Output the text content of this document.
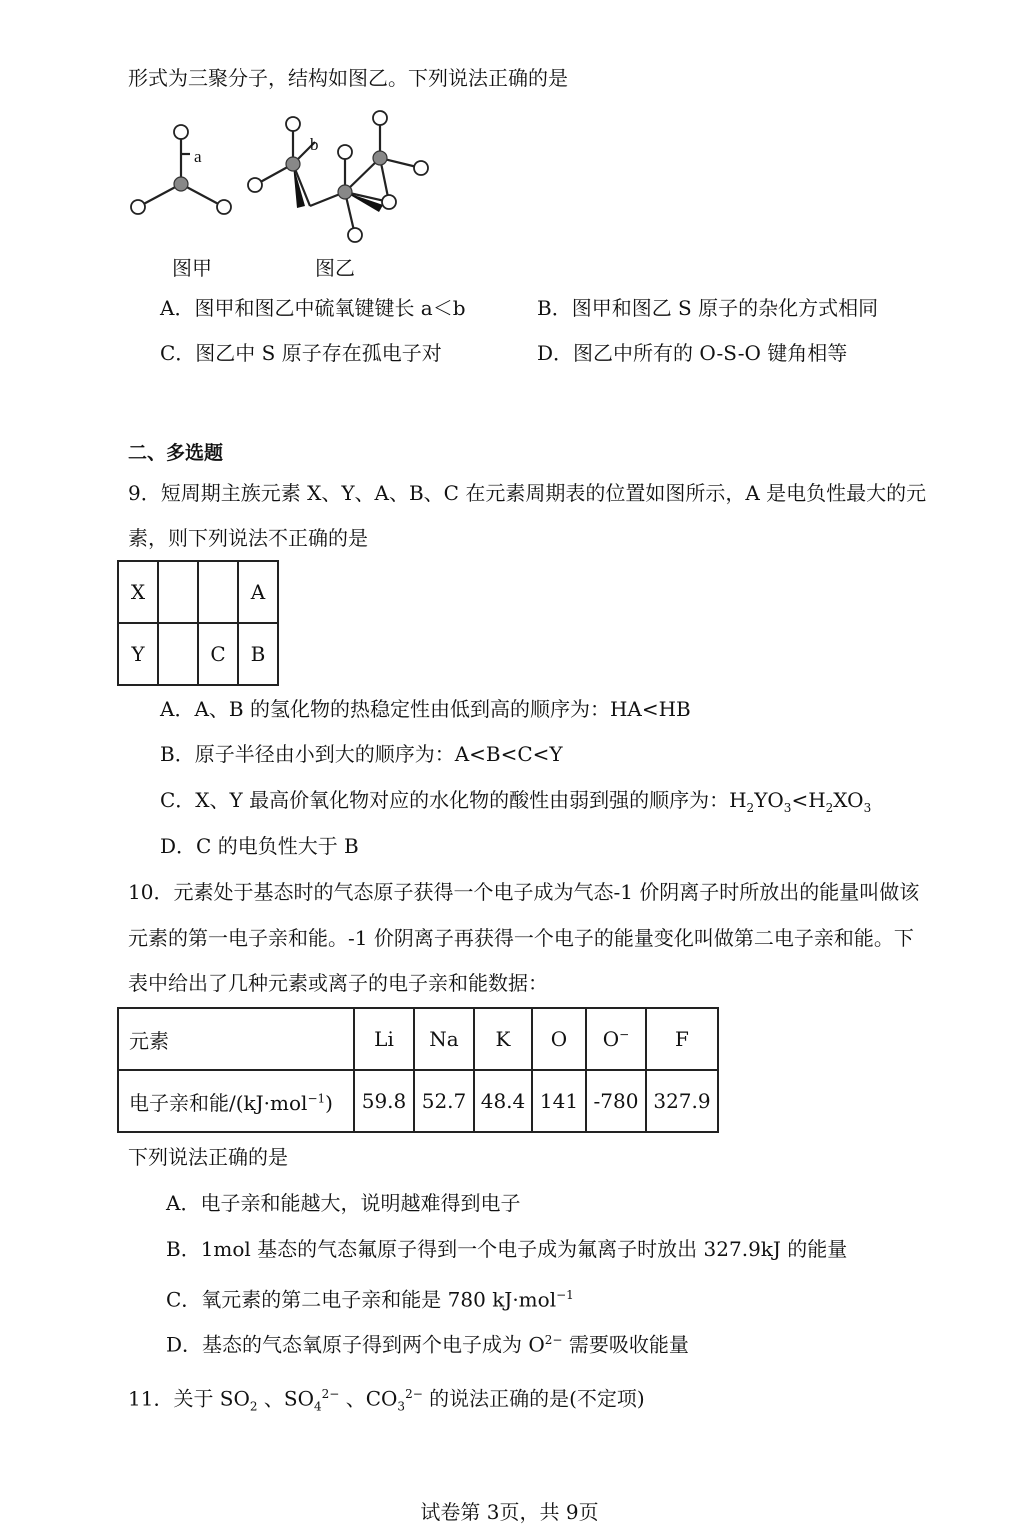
形式为三聚分子，结构如图乙。下列说法正确的是
a
b
图甲	图乙
A．图甲和图乙中硫氧键键长 a＜b	B．图甲和图乙 S 原子的杂化方式相同
C．图乙中 S 原子存在孤电子对	D．图乙中所有的 O-S-O 键角相等
二、多选题
9．短周期主族元素 X、Y、A、B、C 在元素周期表的位置如图所示，A 是电负性最大的元
素，则下列说法不正确的是
X			A
Y		C	B
A．A、B 的氢化物的热稳定性由低到高的顺序为：HA<HB
B．原子半径由小到大的顺序为：A<B<C<Y
C．X、Y 最高价氧化物对应的水化物的酸性由弱到强的顺序为：$H_2YO_3<H_2XO_3$
D．C 的电负性大于 B
10．元素处于基态时的气态原子获得一个电子成为气态-1 价阴离子时所放出的能量叫做该
元素的第一电子亲和能。-1 价阴离子再获得一个电子的能量变化叫做第二电子亲和能。下
表中给出了几种元素或离子的电子亲和能数据：
元素	Li	Na	K	O	O−	F
电子亲和能/(kJ·mol$^{-1}$)	59.8	52.7	48.4	141	-780	327.9
下列说法正确的是
A．电子亲和能越大，说明越难得到电子
B．1mol 基态的气态氟原子得到一个电子成为氟离子时放出 327.9kJ 的能量
C．氧元素的第二电子亲和能是 780 kJ·mol$^{-1}$
D．基态的气态氧原子得到两个电子成为 $O^{2-}$ 需要吸收能量
11．关于 $SO_2$ 、$SO_4^{2-}$ 、$CO_3^{2-}$ 的说法正确的是(不定项)
试卷第 3页，共 9页
